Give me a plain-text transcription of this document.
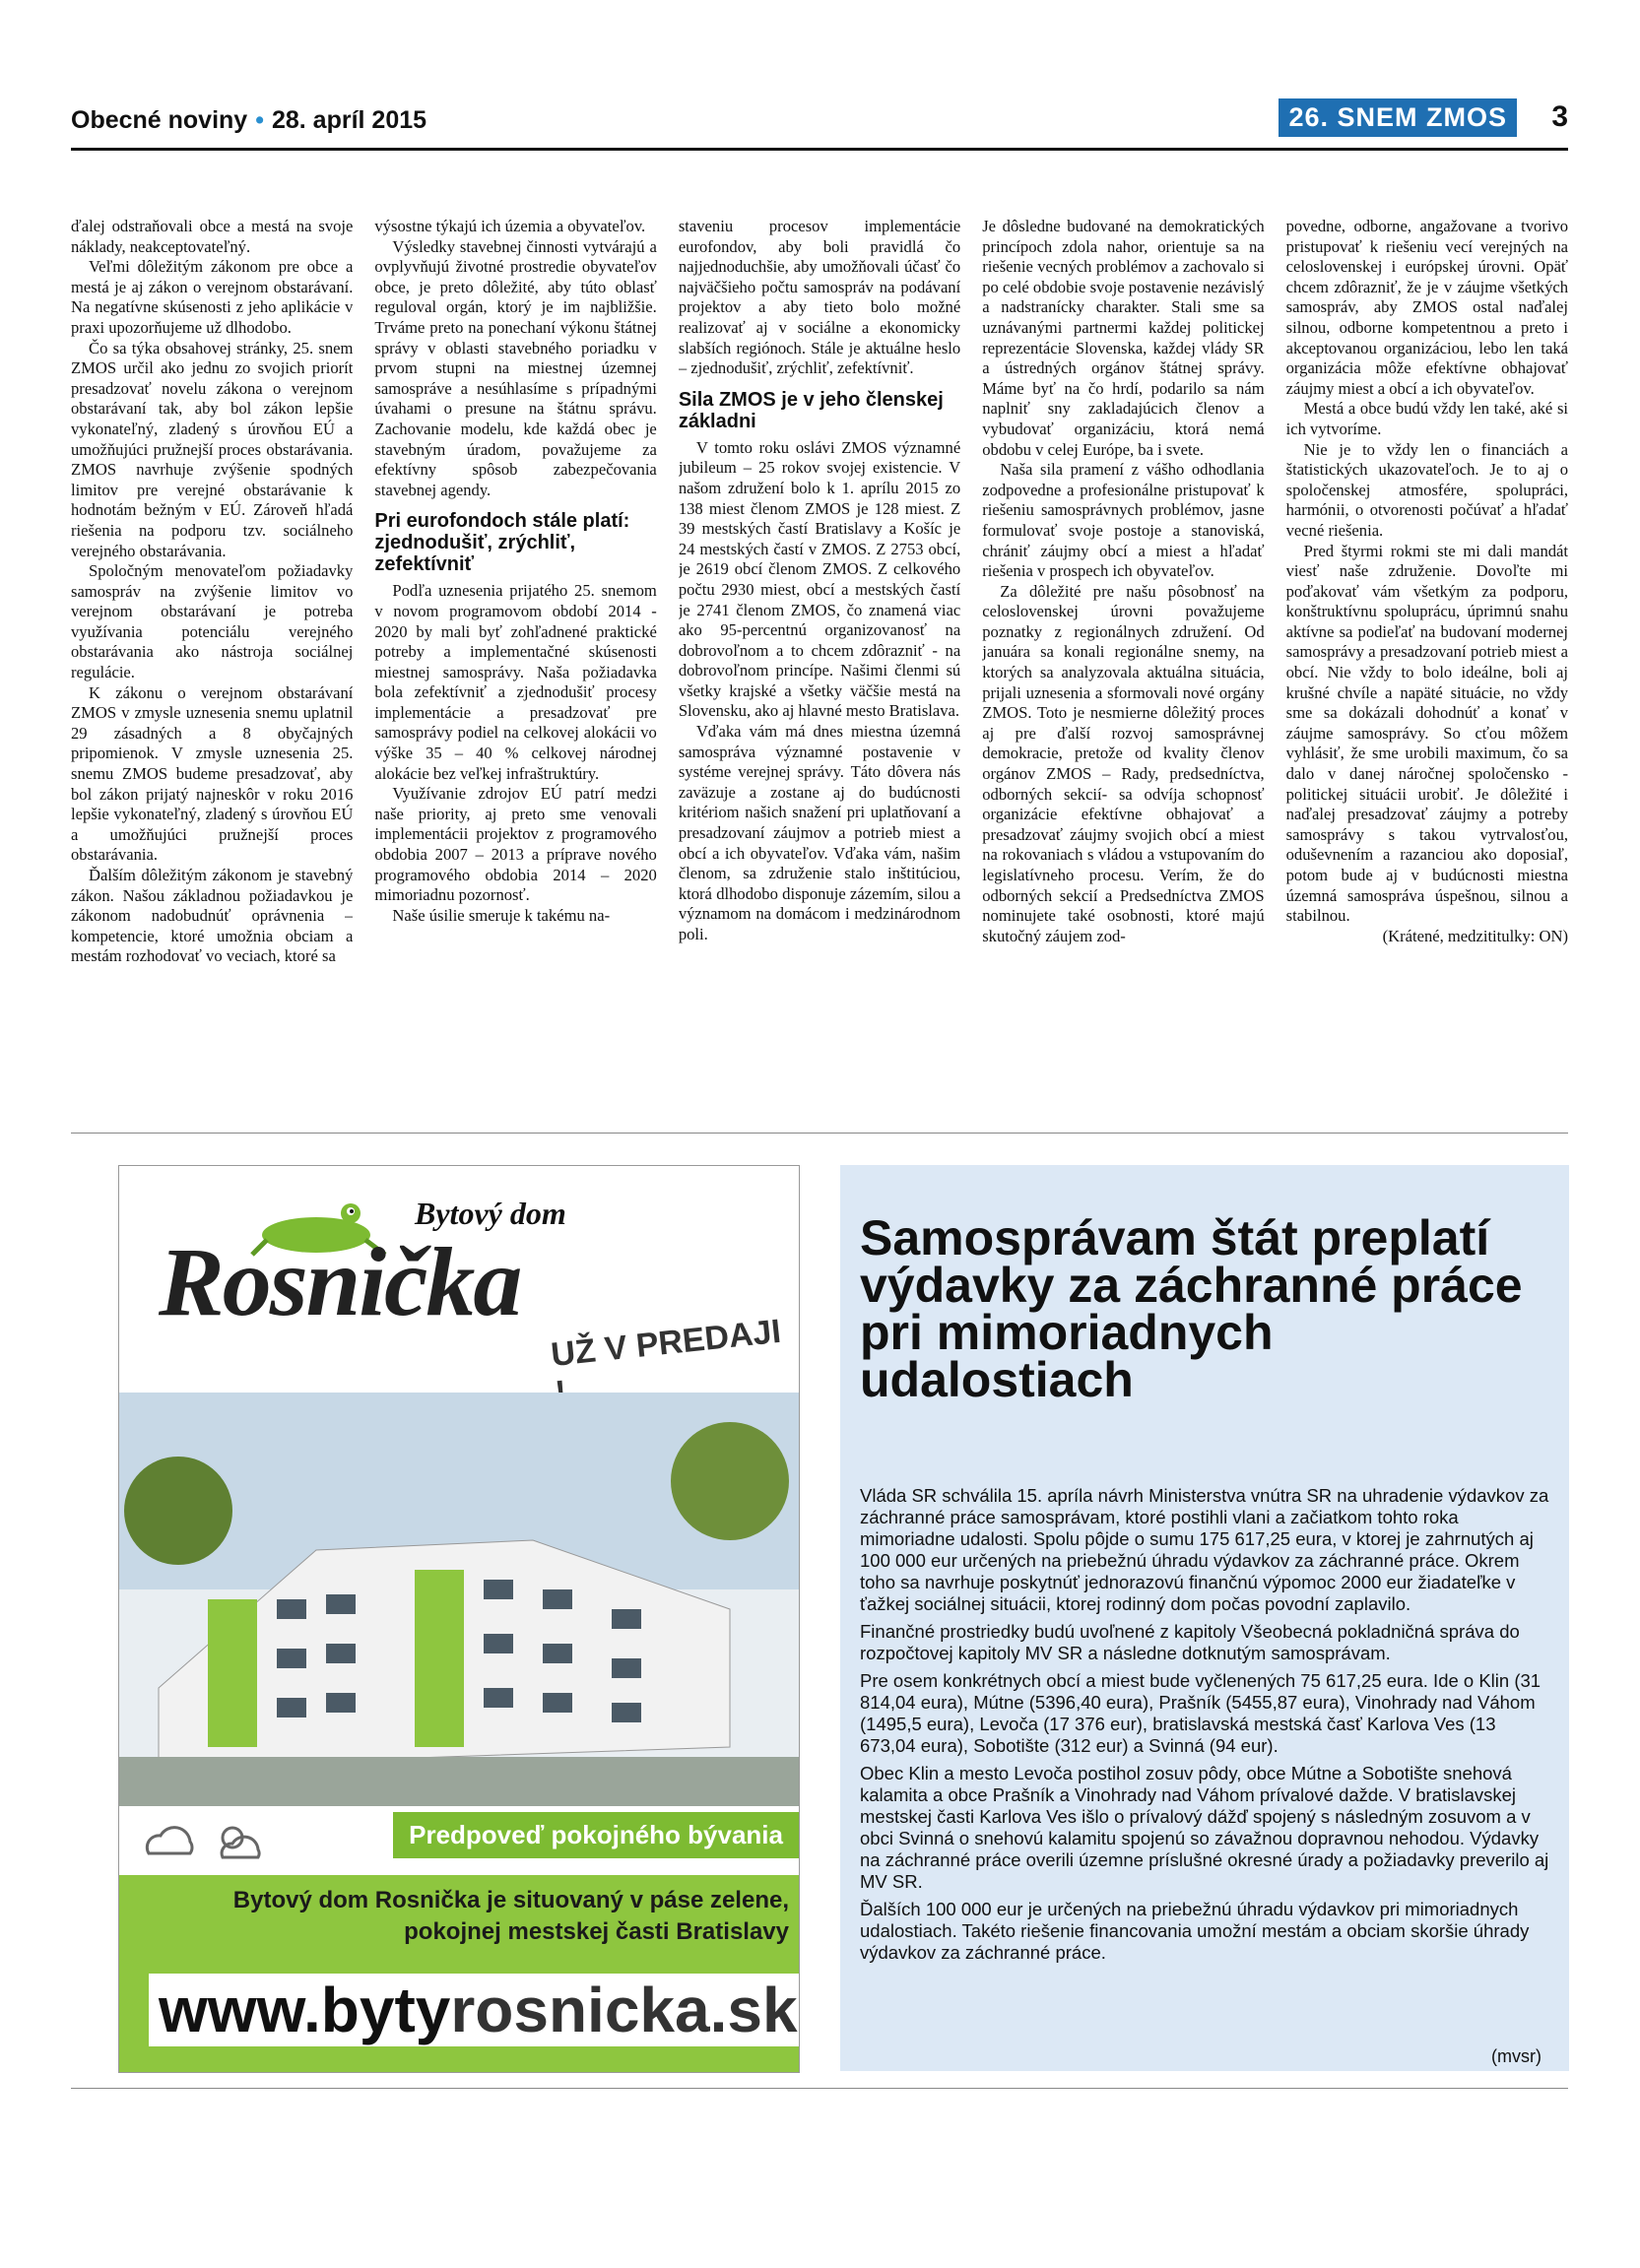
Obecné noviny • 28. apríl 2015	26. SNEM ZMOS	3

ďalej odstraňovali obce a mestá na svoje náklady, neakceptovateľný.

Veľmi dôležitým zákonom pre obce a mestá je aj zákon o verejnom obstarávaní. Na negatívne skúsenosti z jeho aplikácie v praxi upozorňujeme už dlhodobo.

Čo sa týka obsahovej stránky, 25. snem ZMOS určil ako jednu zo svojich priorít presadzovať novelu zákona o verejnom obstarávaní tak, aby bol zákon lepšie vykonateľný, zladený s úrovňou EÚ a umožňujúci pružnejší proces obstarávania. ZMOS navrhuje zvýšenie spodných limitov pre verejné obstarávanie k hodnotám bežným v EÚ. Zároveň hľadá riešenia na podporu tzv. sociálneho verejného obstarávania.

Spoločným menovateľom požiadavky samospráv na zvýšenie limitov vo verejnom obstarávaní je potreba využívania potenciálu verejného obstarávania ako nástroja sociálnej regulácie.

K zákonu o verejnom obstarávaní ZMOS v zmysle uznesenia snemu uplatnil 29 zásadných a 8 obyčajných pripomienok. V zmysle uznesenia 25. snemu ZMOS budeme presadzovať, aby bol zákon prijatý najneskôr v roku 2016 lepšie vykonateľný, zladený s úrovňou EÚ a umožňujúci pružnejší proces obstarávania.

Ďalším dôležitým zákonom je stavebný zákon. Našou základnou požiadavkou je zákonom nadobudnúť oprávnenia – kompetencie, ktoré umožnia obciam a mestám rozhodovať vo veciach, ktoré sa

výsostne týkajú ich územia a obyvateľov.

Výsledky stavebnej činnosti vytvárajú a ovplyvňujú životné prostredie obyvateľov obce, je preto dôležité, aby túto oblasť reguloval orgán, ktorý je im najbližšie. Trváme preto na ponechaní výkonu štátnej správy v oblasti stavebného poriadku v prvom stupni na miestnej územnej samospráve a nesúhlasíme s prípadnými úvahami o presune na štátnu správu. Zachovanie modelu, kde každá obec je stavebným úradom, považujeme za efektívny spôsob zabezpečovania stavebnej agendy.

Pri eurofondoch stále platí: zjednodušiť, zrýchliť, zefektívniť

Podľa uznesenia prijatého 25. snemom v novom programovom období 2014 - 2020 by mali byť zohľadnené praktické potreby a implementačné skúsenosti miestnej samosprávy. Naša požiadavka bola zefektívniť a zjednodušiť procesy implementácie a presadzovať pre samosprávy podiel na celkovej alokácii vo výške 35 – 40 % celkovej národnej alokácie bez veľkej infraštruktúry.

Využívanie zdrojov EÚ patrí medzi naše priority, aj preto sme venovali implementácii projektov z programového obdobia 2007 – 2013 a príprave nového programového obdobia 2014 – 2020 mimoriadnu pozornosť.

Naše úsilie smeruje k takému na-

staveniu procesov implementácie eurofondov, aby boli pravidlá čo najjednoduchšie, aby umožňovali účasť čo najväčšieho počtu samospráv na podávaní projektov a aby tieto bolo možné realizovať aj v sociálne a ekonomicky slabších regiónoch. Stále je aktuálne heslo – zjednodušiť, zrýchliť, zefektívniť.

Sila ZMOS je v jeho členskej základni

V tomto roku oslávi ZMOS významné jubileum – 25 rokov svojej existencie. V našom združení bolo k 1. aprílu 2015 zo 138 miest členom ZMOS je 128 miest. Z 39 mestských častí Bratislavy a Košíc je 24 mestských častí v ZMOS. Z 2753 obcí, je 2619 obcí členom ZMOS. Z celkového počtu 2930 miest, obcí a mestských častí je 2741 členom ZMOS, čo znamená viac ako 95-percentnú organizovanosť na dobrovoľnom a to chcem zdôrazniť - na dobrovoľnom princípe. Našimi členmi sú všetky krajské a všetky väčšie mestá na Slovensku, ako aj hlavné mesto Bratislava.

Vďaka vám má dnes miestna územná samospráva významné postavenie v systéme verejnej správy. Táto dôvera nás zaväzuje a zostane aj do budúcnosti kritériom našich snažení pri uplatňovaní a presadzovaní záujmov a potrieb miest a obcí a ich obyvateľov. Vďaka vám, našim členom, sa združenie stalo inštitúciou, ktorá dlhodobo disponuje zázemím, silou a významom na domácom i medzinárodnom poli.

Je dôsledne budované na demokratických princípoch zdola nahor, orientuje sa na riešenie vecných problémov a zachovalo si po celé obdobie svoje postavenie nezávislý a nadstranícky charakter. Stali sme sa uznávanými partnermi každej politickej reprezentácie Slovenska, každej vlády SR a ústredných orgánov štátnej správy. Máme byť na čo hrdí, podarilo sa nám naplniť sny zakladajúcich členov a vybudovať organizáciu, ktorá nemá obdobu v celej Európe, ba i svete.

Naša sila pramení z vášho odhodlania zodpovedne a profesionálne pristupovať k riešeniu samosprávnych problémov, jasne formulovať svoje postoje a stanoviská, chrániť záujmy obcí a miest a hľadať riešenia v prospech ich obyvateľov.

Za dôležité pre našu pôsobnosť na celoslovenskej úrovni považujeme poznatky z regionálnych združení. Od januára sa konali regionálne snemy, na ktorých sa analyzovala aktuálna situácia, prijali uznesenia a sformovali nové orgány ZMOS. Toto je nesmierne dôležitý proces aj pre ďalší rozvoj samosprávnej demokracie, pretože od kvality členov orgánov ZMOS – Rady, predsedníctva, odborných sekcií- sa odvíja schopnosť organizácie efektívne obhajovať a presadzovať záujmy svojich obcí a miest na rokovaniach s vládou a vstupovaním do legislatívneho procesu. Verím, že do odborných sekcií a Predsedníctva ZMOS nominujete také osobnosti, ktoré majú skutočný záujem zod-

povedne, odborne, angažovane a tvorivo pristupovať k riešeniu vecí verejných na celoslovenskej i európskej úrovni. Opäť chcem zdôrazniť, že je v záujme všetkých samospráv, aby ZMOS ostal naďalej silnou, odborne kompetentnou a preto i akceptovanou organizáciou, lebo len taká organizácia môže efektívne obhajovať záujmy miest a obcí a ich obyvateľov.

Mestá a obce budú vždy len také, aké si ich vytvoríme.

Nie je to vždy len o financiách a štatistických ukazovateľoch. Je to aj o spoločenskej atmosfére, spolupráci, harmónii, o otvorenosti počúvať a hľadať vecné riešenia.

Pred štyrmi rokmi ste mi dali mandát viesť naše združenie. Dovoľte mi poďakovať vám všetkým za podporu, konštruktívnu spoluprácu, úprimnú snahu aktívne sa podieľať na budovaní modernej samosprávy a presadzovaní potrieb miest a obcí. Nie vždy to bolo ideálne, boli aj krušné chvíle a napäté situácie, no vždy sme sa dokázali dohodnúť a konať v záujme samosprávy. So cťou môžem vyhlásiť, že sme urobili maximum, čo sa dalo v danej náročnej spoločensko - politickej situácii urobiť. Je dôležité i naďalej presadzovať záujmy a potreby samosprávy s takou vytrvalosťou, oduševnením a razanciou ako doposiaľ, potom bude aj v budúcnosti miestna územná samospráva úspešnou, silnou a stabilnou.

(Krátené, medzititulky: ON)

Bytový dom
Rosnička
UŽ V PREDAJI
Predpoveď pokojného bývania
Bytový dom Rosnička je situovaný v páse zelene,
pokojnej mestskej časti Bratislavy
www.bytyrosnicka.sk
Samosprávam štát preplatí výdavky za záchranné práce pri mimoriadnych udalostiach

Vláda SR schválila 15. apríla návrh Ministerstva vnútra SR na uhradenie výdavkov za záchranné práce samosprávam, ktoré postihli vlani a začiatkom tohto roka mimoriadne udalosti. Spolu pôjde o sumu 175 617,25 eura, v ktorej je zahrnutých aj 100 000 eur určených na priebežnú úhradu výdavkov za záchranné práce. Okrem toho sa navrhuje poskytnúť jednorazovú finančnú výpomoc 2000 eur žiadateľke v ťažkej sociálnej situácii, ktorej rodinný dom počas povodní zaplavilo.

Finančné prostriedky budú uvoľnené z kapitoly Všeobecná pokladničná správa do rozpočtovej kapitoly MV SR a následne dotknutým samosprávam.

Pre osem konkrétnych obcí a miest bude vyčlenených 75 617,25 eura. Ide o Klin (31 814,04 eura), Mútne (5396,40 eura), Prašník (5455,87 eura), Vinohrady nad Váhom (1495,5 eura), Levoča (17 376 eur), bratislavská mestská časť Karlova Ves (13 673,04 eura), Sobotište (312 eur) a Svinná (94 eur).

Obec Klin a mesto Levoča postihol zosuv pôdy, obce Mútne a Sobotište snehová kalamita a obce Prašník a Vinohrady nad Váhom prívalové dažde. V bratislavskej mestskej časti Karlova Ves išlo o prívalový dážď spojený s následným zosuvom a v obci Svinná o snehovú kalamitu spojenú so závažnou dopravnou nehodou. Výdavky na záchranné práce overili územne príslušné okresné úrady a požiadavky preverilo aj MV SR.

Ďalších 100 000 eur je určených na priebežnú úhradu výdavkov pri mimoriadnych udalostiach. Takéto riešenie financovania umožní mestám a obciam skoršie úhrady výdavkov za záchranné práce.

(mvsr)
